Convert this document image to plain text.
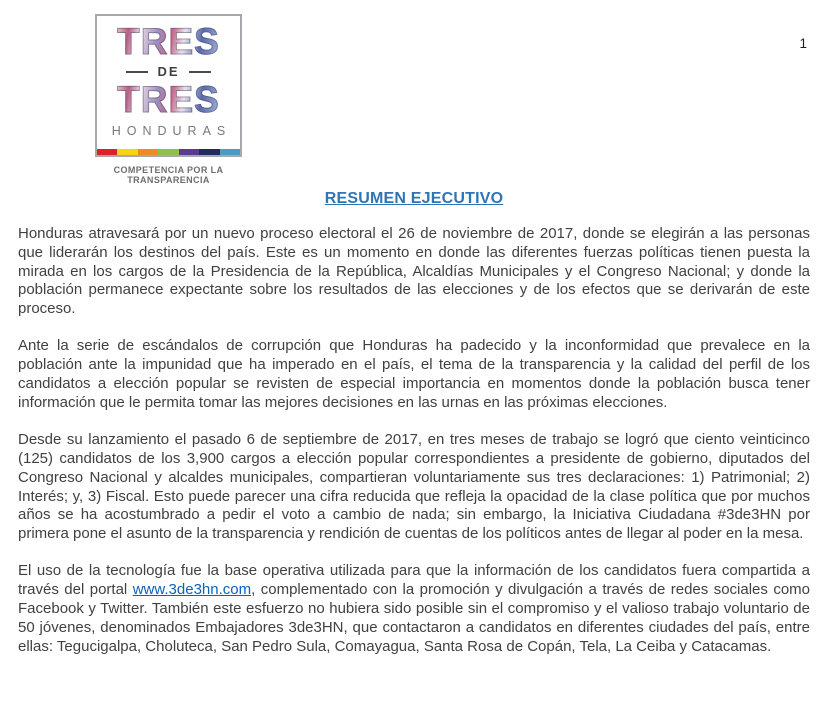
TRES
DE
TRES
HONDURAS
COMPETENCIA POR LA TRANSPARENCIA
1
RESUMEN EJECUTIVO

Honduras atravesará por un nuevo proceso electoral el 26 de noviembre de 2017, donde se elegirán a las personas que liderarán los destinos del país. Este es un momento en donde las diferentes fuerzas políticas tienen puesta la mirada en los cargos de la Presidencia de la República, Alcaldías Municipales y el Congreso Nacional; y donde la población permanece expectante sobre los resultados de las elecciones y de los efectos que se derivarán de este proceso.

Ante la serie de escándalos de corrupción que Honduras ha padecido y la inconformidad que prevalece en la población ante la impunidad que ha imperado en el país, el tema de la transparencia y la calidad del perfil de los candidatos a elección popular se revisten de especial importancia en momentos donde la población busca tener información que le permita tomar las mejores decisiones en las urnas en las próximas elecciones.

Desde su lanzamiento el pasado 6 de septiembre de 2017, en tres meses de trabajo se logró que ciento veinticinco (125) candidatos de los 3,900 cargos a elección popular correspondientes a presidente de gobierno, diputados del Congreso Nacional y alcaldes municipales, compartieran voluntariamente sus tres declaraciones: 1) Patrimonial; 2) Interés; y, 3) Fiscal. Esto puede parecer una cifra reducida que refleja la opacidad de la clase política que por muchos años se ha acostumbrado a pedir el voto a cambio de nada; sin embargo, la Iniciativa Ciudadana #3de3HN por primera pone el asunto de la transparencia y rendición de cuentas de los políticos antes de llegar al poder en la mesa.

El uso de la tecnología fue la base operativa utilizada para que la información de los candidatos fuera compartida a través del portal www.3de3hn.com, complementado con la promoción y divulgación a través de redes sociales como Facebook y Twitter. También este esfuerzo no hubiera sido posible sin el compromiso y el valioso trabajo voluntario de 50 jóvenes, denominados Embajadores 3de3HN, que contactaron a candidatos en diferentes ciudades del país, entre ellas: Tegucigalpa, Choluteca, San Pedro Sula, Comayagua, Santa Rosa de Copán, Tela, La Ceiba y Catacamas.
